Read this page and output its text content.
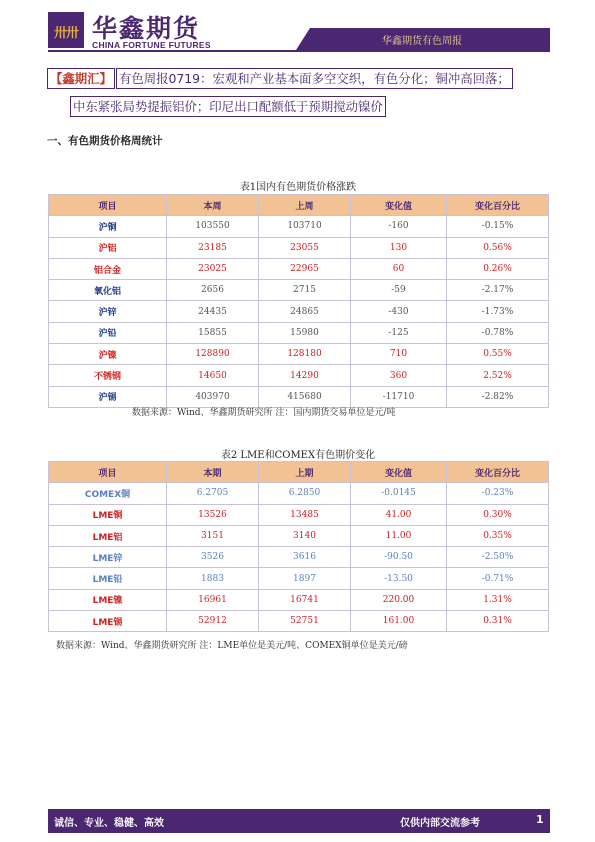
卅卅 华鑫期货
CHINA FORTUNE FUTURES	华鑫期货有色周报
【鑫期汇】 有色周报0719：宏观和产业基本面多空交织，有色分化；铜冲高回落；
中东紧张局势提振铝价；印尼出口配额低于预期搅动镍价
一、有色期货价格周统计
表1国内有色期货价格涨跌
项目	本周	上周	变化值	变化百分比
沪铜	103550	103710	-160	-0.15%
沪铝	23185	23055	130	0.56%
铝合金	23025	22965	60	0.26%
氧化铝	2656	2715	-59	-2.17%
沪锌	24435	24865	-430	-1.73%
沪铅	15855	15980	-125	-0.78%
沪镍	128890	128180	710	0.55%
不锈钢	14650	14290	360	2.52%
沪锡	403970	415680	-11710	-2.82%
数据来源：Wind、华鑫期货研究所 注：国内期货交易单位是元/吨
表2 LME和COMEX有色期价变化
项目	本期	上期	变化值	变化百分比
COMEX铜	6.2705	6.2850	-0.0145	-0.23%
LME铜	13526	13485	41.00	0.30%
LME铝	3151	3140	11.00	0.35%
LME锌	3526	3616	-90.50	-2.50%
LME铅	1883	1897	-13.50	-0.71%
LME镍	16961	16741	220.00	1.31%
LME锡	52912	52751	161.00	0.31%
数据来源：Wind、华鑫期货研究所 注：LME单位是美元/吨、COMEX铜单位是美元/磅
诚信、专业、稳健、高效	仅供内部交流参考	1
